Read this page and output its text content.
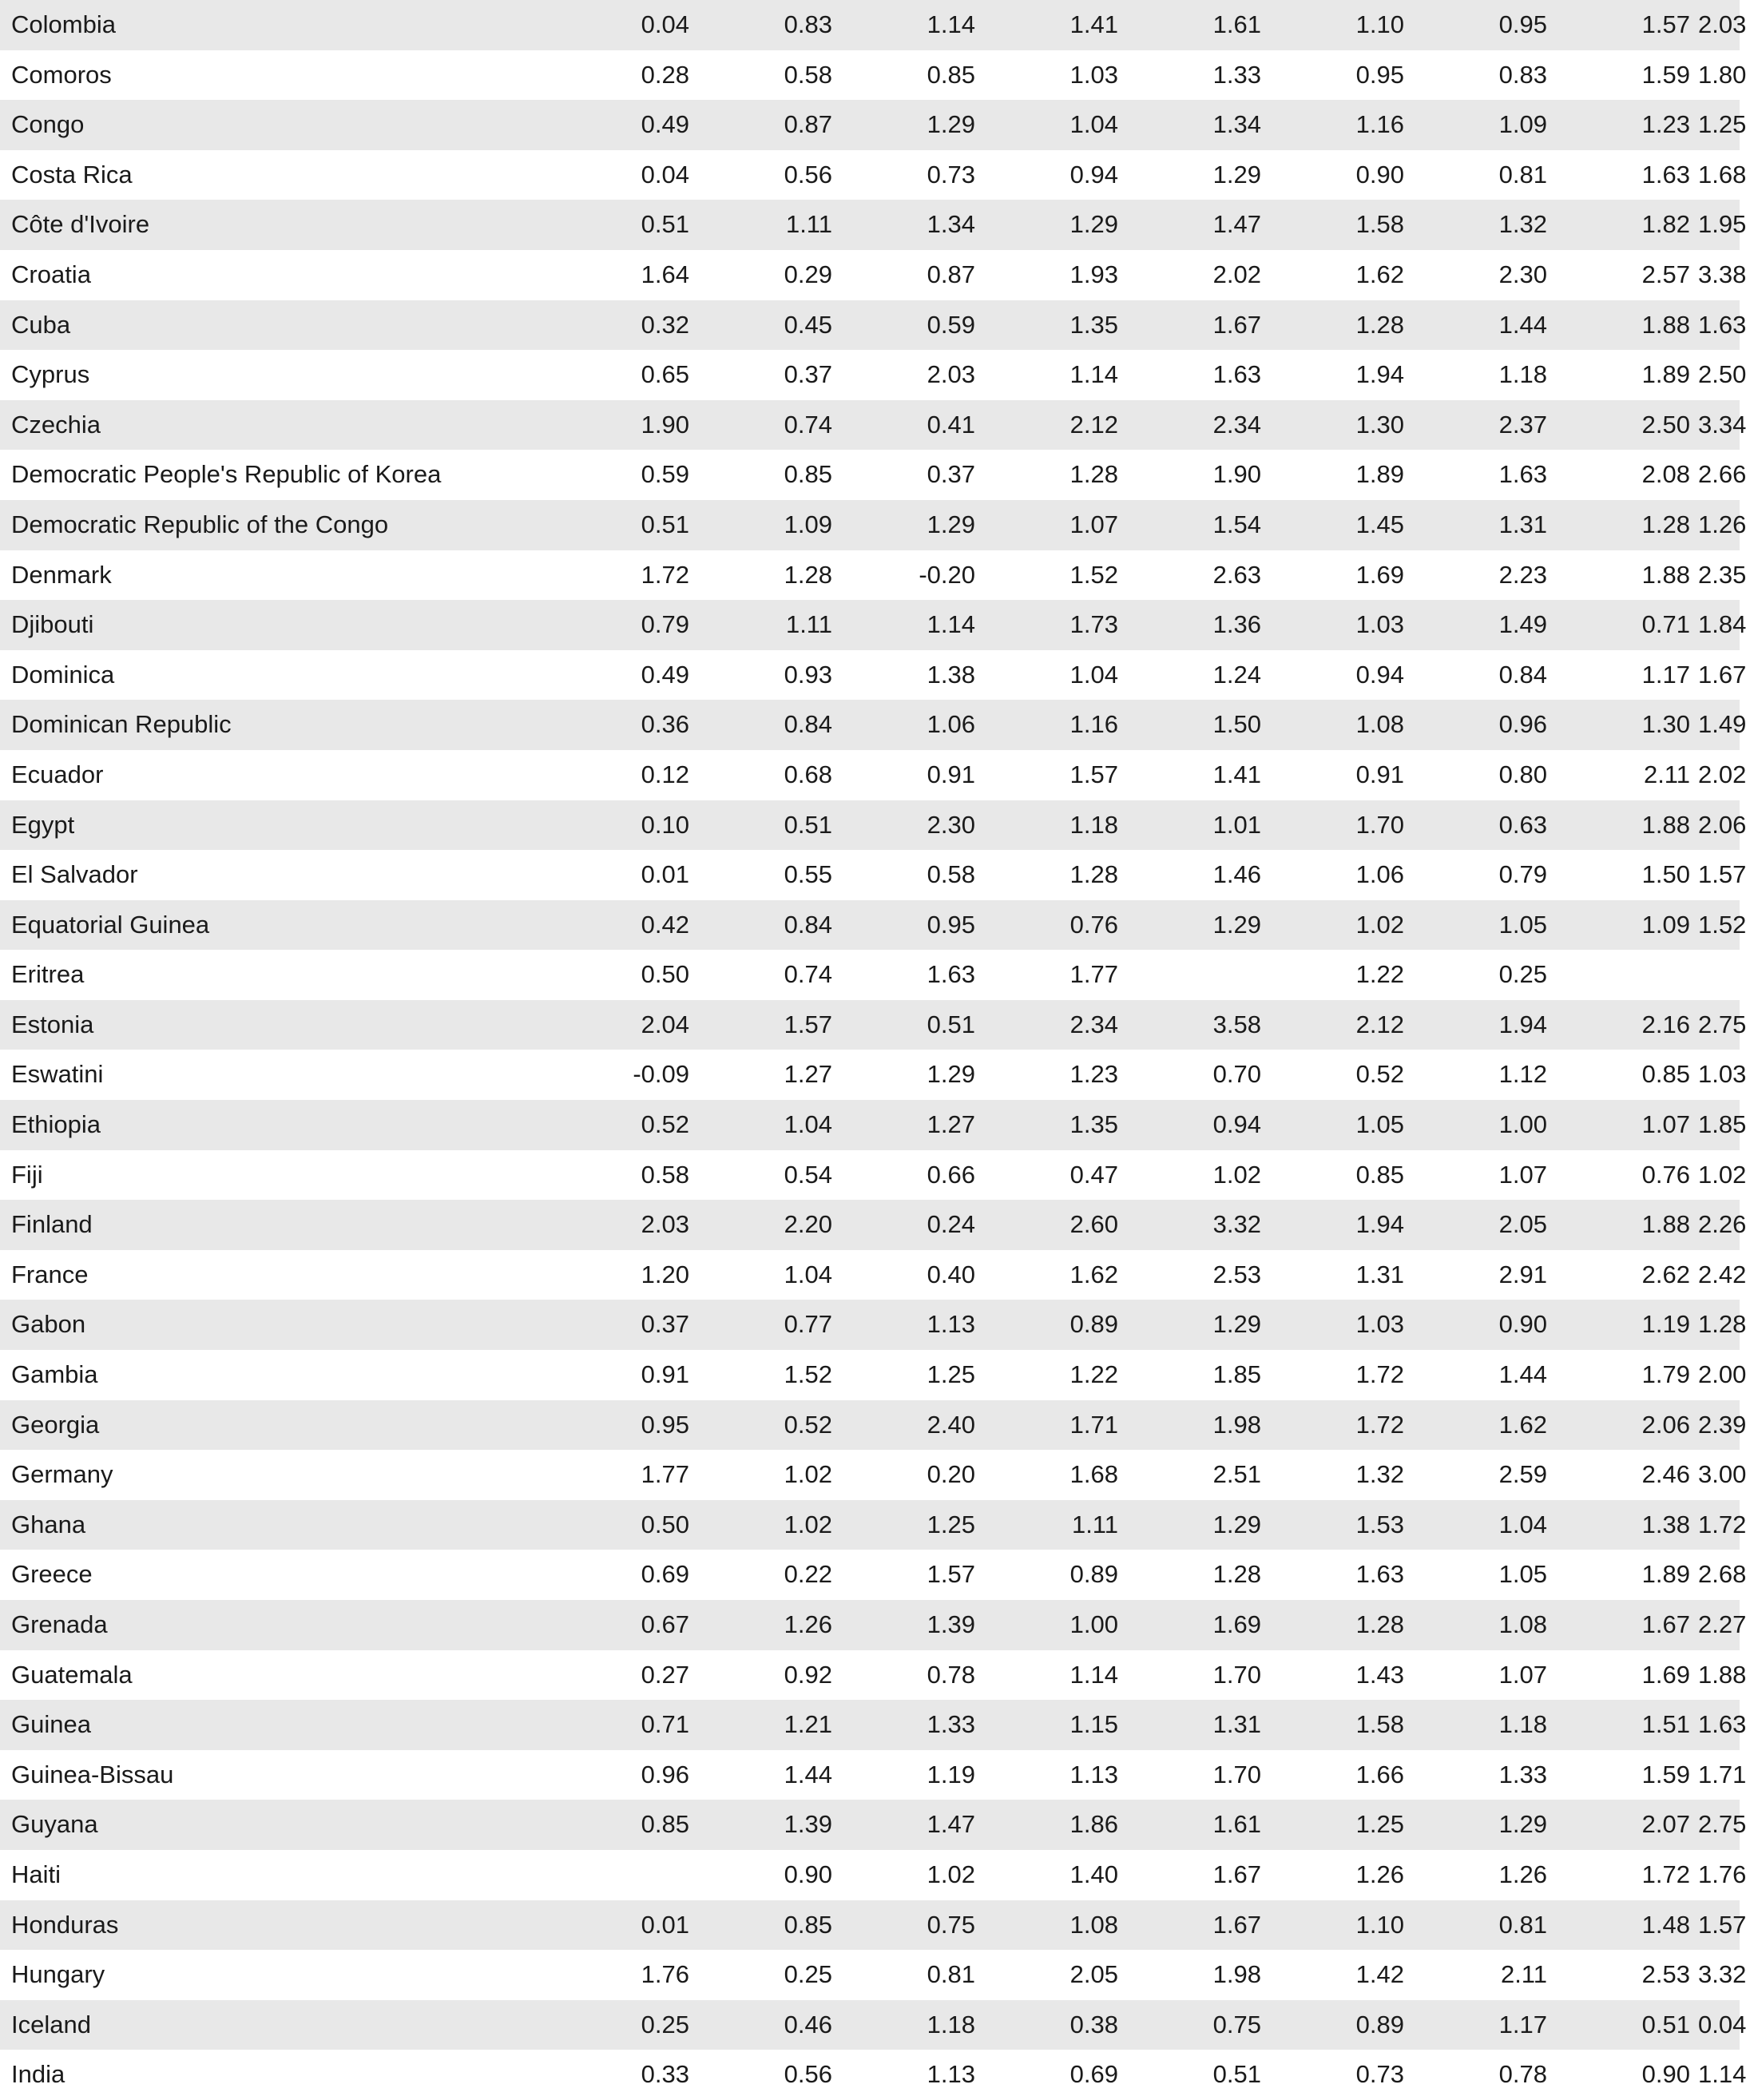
Colombia		0.04	0.83	1.14	1.41	1.61	1.10	0.95	1.57	2.03	
Comoros		0.28	0.58	0.85	1.03	1.33	0.95	0.83	1.59	1.80	
Congo		0.49	0.87	1.29	1.04	1.34	1.16	1.09	1.23	1.25	
Costa Rica		0.04	0.56	0.73	0.94	1.29	0.90	0.81	1.63	1.68	
Côte d'Ivoire		0.51	1.11	1.34	1.29	1.47	1.58	1.32	1.82	1.95	
Croatia		1.64	0.29	0.87	1.93	2.02	1.62	2.30	2.57	3.38	
Cuba		0.32	0.45	0.59	1.35	1.67	1.28	1.44	1.88	1.63	
Cyprus		0.65	0.37	2.03	1.14	1.63	1.94	1.18	1.89	2.50	
Czechia		1.90	0.74	0.41	2.12	2.34	1.30	2.37	2.50	3.34	
Democratic People's Republic of Korea		0.59	0.85	0.37	1.28	1.90	1.89	1.63	2.08	2.66	
Democratic Republic of the Congo		0.51	1.09	1.29	1.07	1.54	1.45	1.31	1.28	1.26	
Denmark		1.72	1.28	-0.20	1.52	2.63	1.69	2.23	1.88	2.35	
Djibouti		0.79	1.11	1.14	1.73	1.36	1.03	1.49	0.71	1.84	
Dominica		0.49	0.93	1.38	1.04	1.24	0.94	0.84	1.17	1.67	
Dominican Republic		0.36	0.84	1.06	1.16	1.50	1.08	0.96	1.30	1.49	
Ecuador		0.12	0.68	0.91	1.57	1.41	0.91	0.80	2.11	2.02	
Egypt		0.10	0.51	2.30	1.18	1.01	1.70	0.63	1.88	2.06	
El Salvador		0.01	0.55	0.58	1.28	1.46	1.06	0.79	1.50	1.57	
Equatorial Guinea		0.42	0.84	0.95	0.76	1.29	1.02	1.05	1.09	1.52	
Eritrea		0.50	0.74	1.63	1.77		1.22	0.25			
Estonia		2.04	1.57	0.51	2.34	3.58	2.12	1.94	2.16	2.75	
Eswatini		-0.09	1.27	1.29	1.23	0.70	0.52	1.12	0.85	1.03	
Ethiopia		0.52	1.04	1.27	1.35	0.94	1.05	1.00	1.07	1.85	
Fiji		0.58	0.54	0.66	0.47	1.02	0.85	1.07	0.76	1.02	
Finland		2.03	2.20	0.24	2.60	3.32	1.94	2.05	1.88	2.26	
France		1.20	1.04	0.40	1.62	2.53	1.31	2.91	2.62	2.42	
Gabon		0.37	0.77	1.13	0.89	1.29	1.03	0.90	1.19	1.28	
Gambia		0.91	1.52	1.25	1.22	1.85	1.72	1.44	1.79	2.00	
Georgia		0.95	0.52	2.40	1.71	1.98	1.72	1.62	2.06	2.39	
Germany		1.77	1.02	0.20	1.68	2.51	1.32	2.59	2.46	3.00	
Ghana		0.50	1.02	1.25	1.11	1.29	1.53	1.04	1.38	1.72	
Greece		0.69	0.22	1.57	0.89	1.28	1.63	1.05	1.89	2.68	
Grenada		0.67	1.26	1.39	1.00	1.69	1.28	1.08	1.67	2.27	
Guatemala		0.27	0.92	0.78	1.14	1.70	1.43	1.07	1.69	1.88	
Guinea		0.71	1.21	1.33	1.15	1.31	1.58	1.18	1.51	1.63	
Guinea-Bissau		0.96	1.44	1.19	1.13	1.70	1.66	1.33	1.59	1.71	
Guyana		0.85	1.39	1.47	1.86	1.61	1.25	1.29	2.07	2.75	
Haiti			0.90	1.02	1.40	1.67	1.26	1.26	1.72	1.76	
Honduras		0.01	0.85	0.75	1.08	1.67	1.10	0.81	1.48	1.57	
Hungary		1.76	0.25	0.81	2.05	1.98	1.42	2.11	2.53	3.32	
Iceland		0.25	0.46	1.18	0.38	0.75	0.89	1.17	0.51	0.04	
India		0.33	0.56	1.13	0.69	0.51	0.73	0.78	0.90	1.14	
